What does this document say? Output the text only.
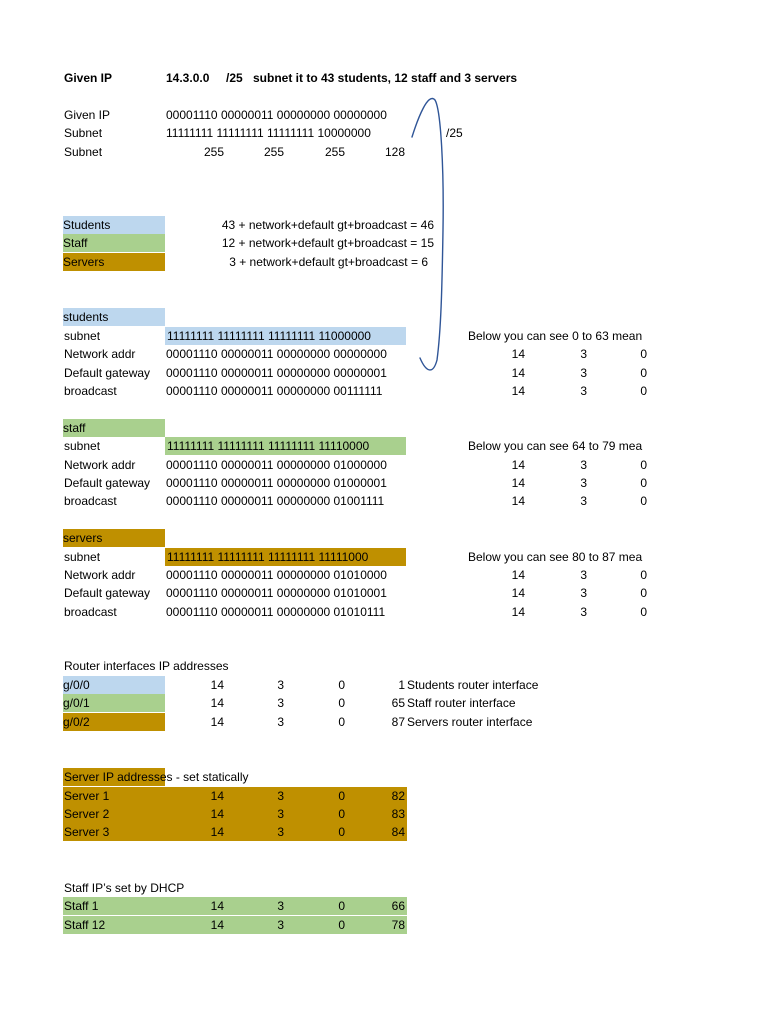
Given IP	14.3.0.0 /25 subnet it to 43 students, 12 staff and 3 servers
Given IP	00001110 00000011 00000000 00000000
Subnet	11111111 11111111 11111111 10000000	/25
Subnet	255	255	255	128
Students	43 + network+default gt+broadcast = 46
Staff	12 + network+default gt+broadcast = 15
Servers	3 + network+default gt+broadcast = 6
students
subnet	11111111 11111111 11111111 11000000	Below you can see 0 to 63 mean
Network addr	00001110 00000011 00000000 00000000	14	3	0
Default gateway 00001110 00000011 00000000 00000001	14	3	0
broadcast	00001110 00000011 00000000 00111111	14	3	0
staff
subnet	11111111 11111111 11111111 11110000	Below you can see 64 to 79 mea
Network addr	00001110 00000011 00000000 01000000	14	3	0
Default gateway 00001110 00000011 00000000 01000001	14	3	0
broadcast	00001110 00000011 00000000 01001111	14	3	0
servers
subnet	11111111 11111111 11111111 11111000	Below you can see 80 to 87 mea
Network addr	00001110 00000011 00000000 01010000	14	3	0
Default gateway 00001110 00000011 00000000 01010001	14	3	0
broadcast	00001110 00000011 00000000 01010111	14	3	0
Router interfaces IP addresses
g/0/0	14	3	0	1 Students router interface
g/0/1	14	3	0	65 Staff router interface
g/0/2	14	3	0	87 Servers router interface
Server IP addresses - set statically
Server 1	14	3	0	82
Server 2	14	3	0	83
Server 3	14	3	0	84
Staff IP’s set by DHCP
Staff 1	14	3	0	66
Staff 12	14	3	0	78
